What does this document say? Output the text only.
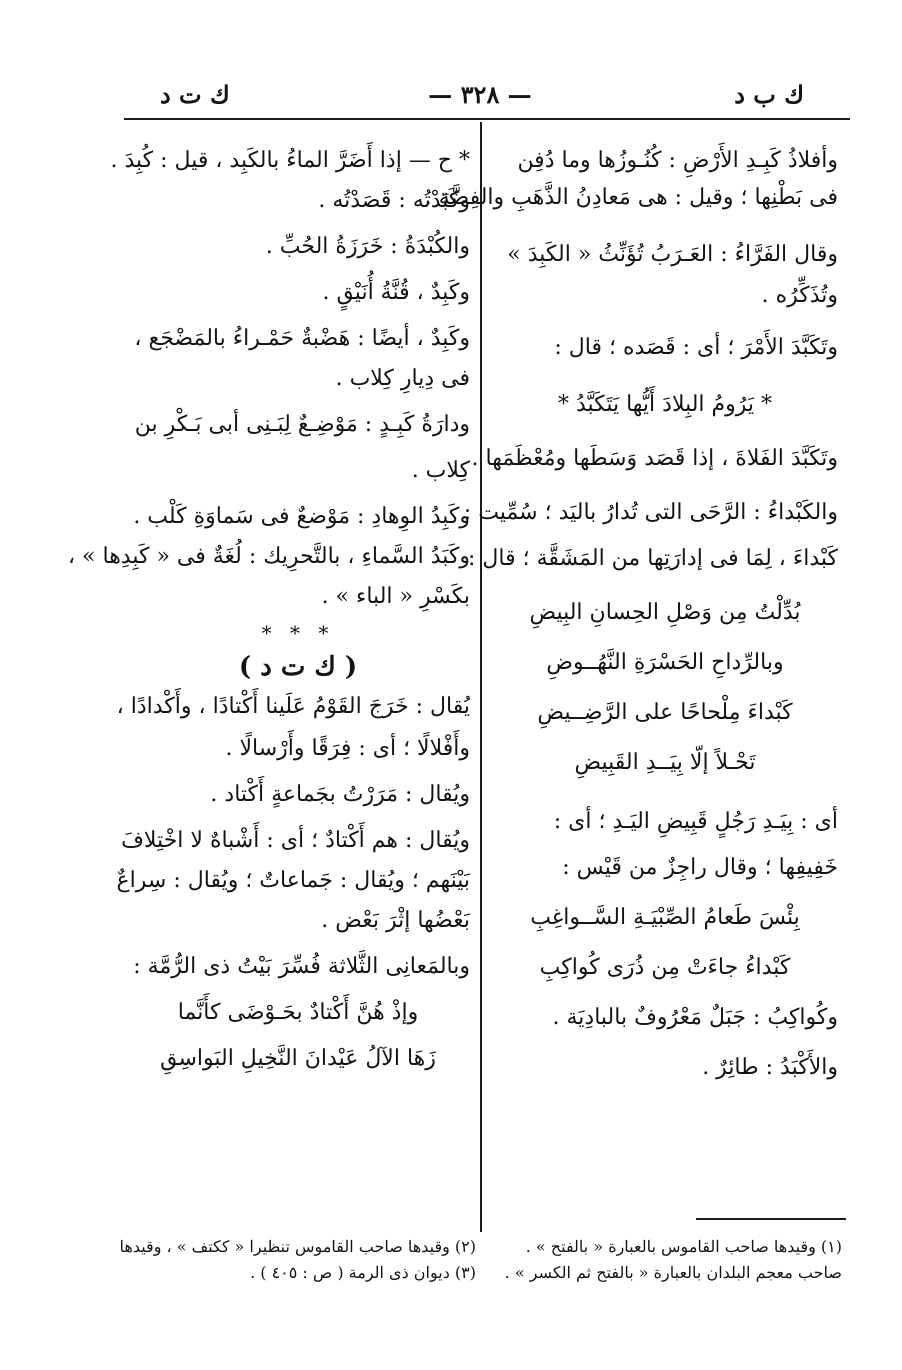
ك ب د
— ٣٢٨ —
ك ت د
وأفلاذُ كَبِـدِ الأَرْضِ : كُنُـوزُها وما دُفِن
فى بَطْنِها ؛ وقيل : هى مَعادِنُ الذَّهَبِ والفِضَّة .
وقال الفَرَّاءُ : العَـرَبُ تُؤَنِّثُ « الكَبِدَ »
وتُذَكِّرُه .
وتَكَبَّدَ الأَمْرَ ؛ أى : قَصَده ؛ قال :
* يَرُومُ البِلادَ أَيُّها يَتَكَبَّدُ *
وتَكَبَّدَ الفَلاةَ ، إذا قَصَد وَسَطَها ومُعْظَمَها .
والكَبْداءُ : الرَّحَى التى تُدارُ باليَد ؛ سُمِّيت :
كَبْداءَ ، لِمَا فى إدارَتِها من المَشَقَّة ؛ قال :
بُدِّلْتُ مِن وَصْلِ الحِسانِ البِيضِ
وبالرِّداحِ الحَسْرَةِ النَّهُــوضِ
كَبْداءَ مِلْحاحًا على الرَّضِــيضِ
تَحْـلاً إلّا بِيَــدِ القَبِيضِ
أى : بِيَـدِ رَجُلٍ قَبِيضِ اليَـدِ ؛ أى :
خَفِيفِها ؛ وقال راجِزٌ من قَيْس :
بِئْسَ طَعامُ الصِّبْيَـةِ السَّــواغِبِ
كَبْداءُ جاءَتْ مِن ذُرَى كُواكِبِ
وكُواكِبُ : جَبَلٌ مَعْرُوفٌ بالبادِيَة .
والأَكْبَدُ : طائِرٌ .
* ح — إذا أَضَرَّ الماءُ بالكَبِد ، قيل : كُبِدَ .
وكَبَدْتُه : قَصَدْتُه .
والكُبْدَةُ : خَرَزَةُ الحُبِّ .
وكَبِدٌ ، قُنَّةُ أُنَيْقٍ .
وكَبِدٌ ، أيضًا : هَضْبةٌ حَمْـراءُ بالمَضْجَع ،
فى دِيارِ كِلاب .
ودارَةُ كَبِـدٍ : مَوْضِـعٌ لِبَـنِى أبى بَـكْرِ بن
كِلاب .
وكَبِدُ الوِهادِ : مَوْضعٌ فى سَماوَةِ كَلْب .
وكَبَدُ السَّماءِ ، بالتَّحرِيك : لُغَةٌ فى « كَبِدِها » ،
بكَسْرِ « الباء » .
* * *
( ك ت د )
يُقال : خَرَجَ القَوْمُ عَلَينا أَكْتادًا ، وأَكْدادًا ،
وأَفْلالًا ؛ أى : فِرَقًا وأَرْسالًا .
ويُقال : مَرَرْتُ بجَماعةٍ أَكْتاد .
ويُقال : هم أَكْتادٌ ؛ أى : أَشْباهٌ لا اخْتِلافَ
بَيْنَهم ؛ ويُقال : جَماعاتٌ ؛ ويُقال : سِراعٌ
بَعْضُها إثْرَ بَعْض .
وبالمَعانِى الثَّلاثة فُسِّرَ بَيْتُ ذى الرُّمَّة :
وإذْ هُنَّ أَكْتادٌ بحَـوْضَى كأَنَّما
زَهَا الآلُ عَيْدانَ النَّخِيلِ البَواسِقِ
(١) وقيدها صاحب القاموس بالعبارة « بالفتح » .
صاحب معجم البلدان بالعبارة « بالفتح ثم الكسر » .
(٢) وقيدها صاحب القاموس تنظيرا « ككتف » ، وقيدها
(٣) ديوان ذى الرمة ( ص : ٤٠٥ ) .
